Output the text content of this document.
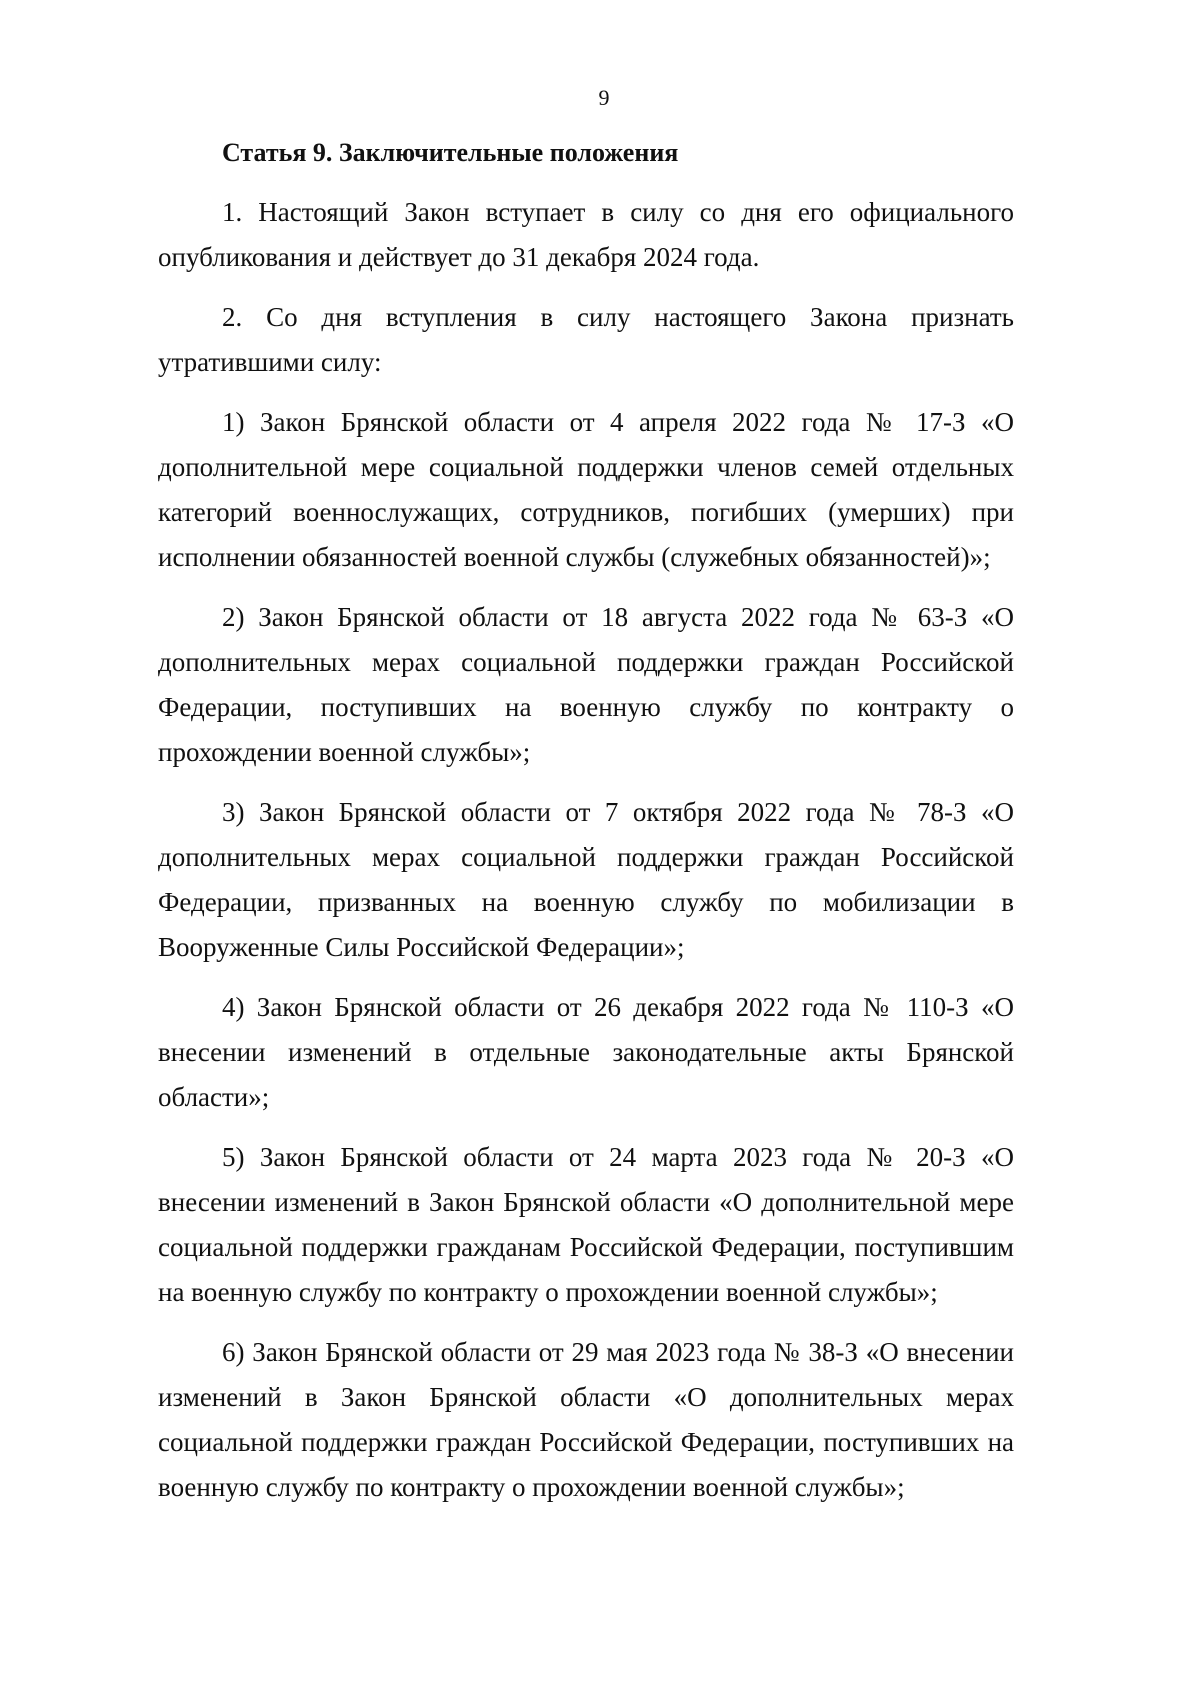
9
Статья 9. Заключительные положения

1. Настоящий Закон вступает в силу со дня его официального опубликования и действует до 31 декабря 2024 года.

2. Со дня вступления в силу настоящего Закона признать утратившими силу:

1) Закон Брянской области от 4 апреля 2022 года № 17-З «О дополнительной мере социальной поддержки членов семей отдельных категорий военнослужащих, сотрудников, погибших (умерших) при исполнении обязанностей военной службы (служебных обязанностей)»;

2) Закон Брянской области от 18 августа 2022 года № 63-З «О дополнительных мерах социальной поддержки граждан Российской Федерации, поступивших на военную службу по контракту о прохождении военной службы»;

3) Закон Брянской области от 7 октября 2022 года № 78-З «О дополнительных мерах социальной поддержки граждан Российской Федерации, призванных на военную службу по мобилизации в Вооруженные Силы Российской Федерации»;

4) Закон Брянской области от 26 декабря 2022 года № 110-З «О внесении изменений в отдельные законодательные акты Брянской области»;

5) Закон Брянской области от 24 марта 2023 года № 20-З «О внесении изменений в Закон Брянской области «О дополнительной мере социальной поддержки гражданам Российской Федерации, поступившим на военную службу по контракту о прохождении военной службы»;

6) Закон Брянской области от 29 мая 2023 года № 38-З «О внесении изменений в Закон Брянской области «О дополнительных мерах социальной поддержки граждан Российской Федерации, поступивших на военную службу по контракту о прохождении военной службы»;
